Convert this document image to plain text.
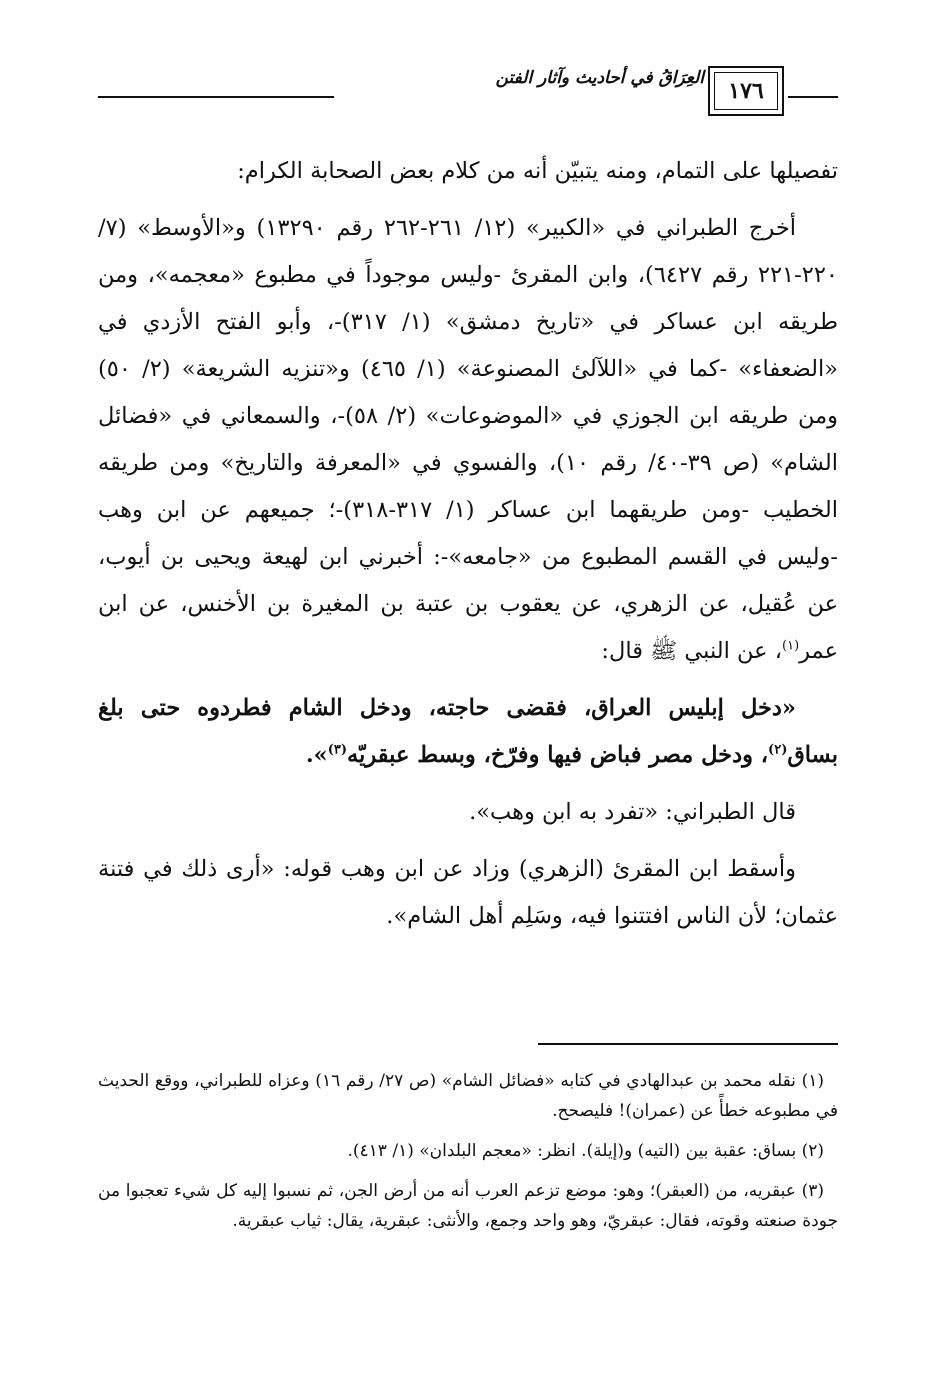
العِرَاقُ في أحاديث وآثار الفتن ١٧٦

تفصيلها على التمام، ومنه يتبيّن أنه من كلام بعض الصحابة الكرام:

أخرج الطبراني في «الكبير» (١٢/ ٢٦١-٢٦٢ رقم ١٣٢٩٠) و«الأوسط» (٧/ ٢٢٠-٢٢١ رقم ٦٤٢٧)، وابن المقرئ -وليس موجوداً في مطبوع «معجمه»، ومن طريقه ابن عساكر في «تاريخ دمشق» (١/ ٣١٧)-، وأبو الفتح الأزدي في «الضعفاء» -كما في «اللآلئ المصنوعة» (١/ ٤٦٥) و«تنزيه الشريعة» (٢/ ٥٠) ومن طريقه ابن الجوزي في «الموضوعات» (٢/ ٥٨)-، والسمعاني في «فضائل الشام» (ص ٣٩-٤٠/ رقم ١٠)، والفسوي في «المعرفة والتاريخ» ومن طريقه الخطيب -ومن طريقهما ابن عساكر (١/ ٣١٧-٣١٨)-؛ جميعهم عن ابن وهب -وليس في القسم المطبوع من «جامعه»-: أخبرني ابن لهيعة ويحيى بن أيوب، عن عُقيل، عن الزهري، عن يعقوب بن عتبة بن المغيرة بن الأخنس، عن ابن عمر$^{(١)}$، عن النبي ﷺ قال:

«دخل إبليس العراق، فقضى حاجته، ودخل الشام فطردوه حتى بلغ بساق$^{(٢)}$، ودخل مصر فباض فيها وفرّخ، وبسط عبقريّه$^{(٣)}$».

قال الطبراني: «تفرد به ابن وهب».

وأسقط ابن المقرئ (الزهري) وزاد عن ابن وهب قوله: «أرى ذلك في فتنة عثمان؛ لأن الناس افتتنوا فيه، وسَلِم أهل الشام».

(١) نقله محمد بن عبدالهادي في كتابه «فضائل الشام» (ص ٢٧/ رقم ١٦) وعزاه للطبراني، ووقع الحديث في مطبوعه خطأً عن (عمران)! فليصحح.

(٢) بساق: عقبة بين (التيه) و(إيلة). انظر: «معجم البلدان» (١/ ٤١٣).

(٣) عبقريه، من (العبقر)؛ وهو: موضع تزعم العرب أنه من أرض الجن، ثم نسبوا إليه كل شيء تعجبوا من جودة صنعته وقوته، فقال: عبقريّ، وهو واحد وجمع، والأنثى: عبقرية، يقال: ثياب عبقرية.
